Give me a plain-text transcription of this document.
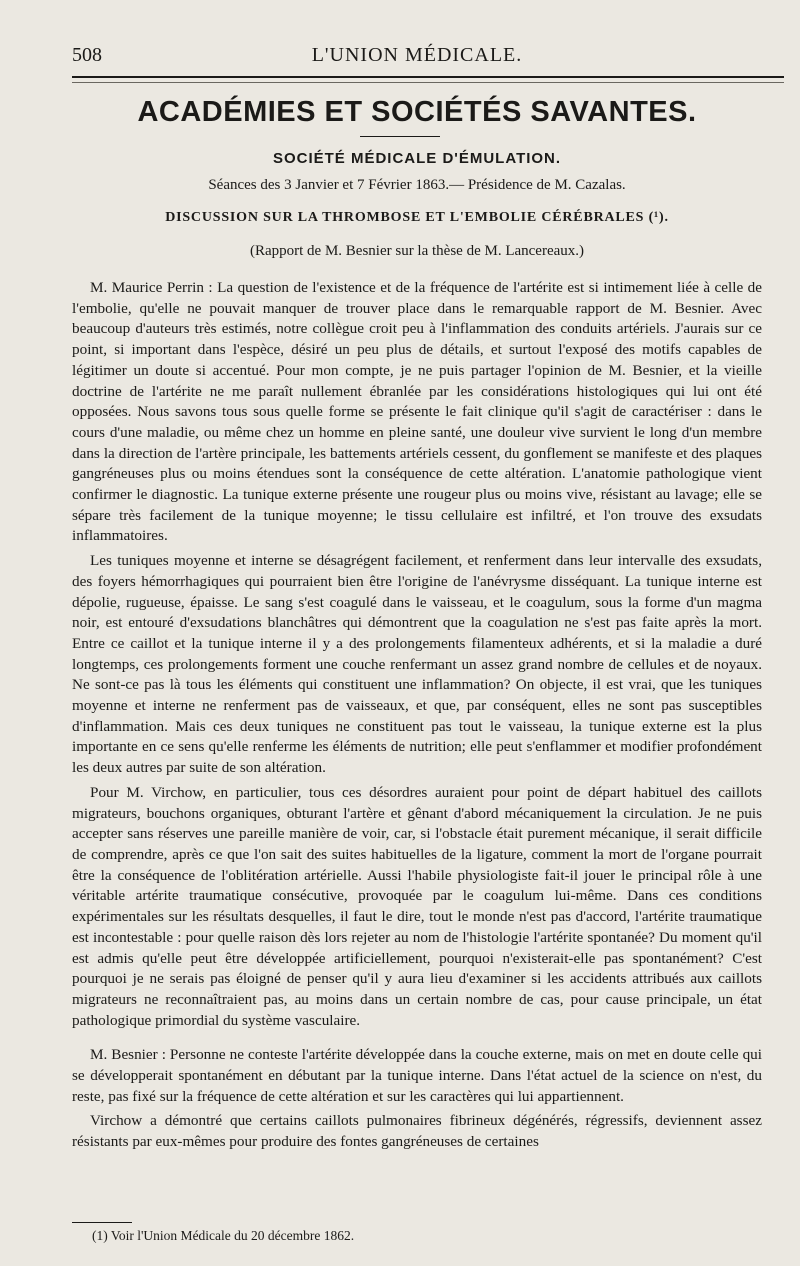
508	L'UNION MÉDICALE.
ACADÉMIES ET SOCIÉTÉS SAVANTES.
SOCIÉTÉ MÉDICALE D'ÉMULATION.
Séances des 3 Janvier et 7 Février 1863.— Présidence de M. Cazalas.
DISCUSSION SUR LA THROMBOSE ET L'EMBOLIE CÉRÉBRALES (¹).
(Rapport de M. Besnier sur la thèse de M. Lancereaux.)

M. Maurice Perrin : La question de l'existence et de la fréquence de l'artérite est si intimement liée à celle de l'embolie, qu'elle ne pouvait manquer de trouver place dans le remarquable rapport de M. Besnier. Avec beaucoup d'auteurs très estimés, notre collègue croit peu à l'inflammation des conduits artériels. J'aurais sur ce point, si important dans l'espèce, désiré un peu plus de détails, et surtout l'exposé des motifs capables de légitimer un doute si accentué. Pour mon compte, je ne puis partager l'opinion de M. Besnier, et la vieille doctrine de l'artérite ne me paraît nullement ébranlée par les considérations histologiques qui lui ont été opposées. Nous savons tous sous quelle forme se présente le fait clinique qu'il s'agit de caractériser : dans le cours d'une maladie, ou même chez un homme en pleine santé, une douleur vive survient le long d'un membre dans la direction de l'artère principale, les battements artériels cessent, du gonflement se manifeste et des plaques gangréneuses plus ou moins étendues sont la conséquence de cette altération. L'anatomie pathologique vient confirmer le diagnostic. La tunique externe présente une rougeur plus ou moins vive, résistant au lavage; elle se sépare très facilement de la tunique moyenne; le tissu cellulaire est infiltré, et l'on trouve des exsudats inflammatoires.

Les tuniques moyenne et interne se désagrégent facilement, et renferment dans leur intervalle des exsudats, des foyers hémorrhagiques qui pourraient bien être l'origine de l'anévrysme disséquant. La tunique interne est dépolie, rugueuse, épaisse. Le sang s'est coagulé dans le vaisseau, et le coagulum, sous la forme d'un magma noir, est entouré d'exsudations blanchâtres qui démontrent que la coagulation ne s'est pas faite après la mort. Entre ce caillot et la tunique interne il y a des prolongements filamenteux adhérents, et si la maladie a duré longtemps, ces prolongements forment une couche renfermant un assez grand nombre de cellules et de noyaux. Ne sont-ce pas là tous les éléments qui constituent une inflammation? On objecte, il est vrai, que les tuniques moyenne et interne ne renferment pas de vaisseaux, et que, par conséquent, elles ne sont pas susceptibles d'inflammation. Mais ces deux tuniques ne constituent pas tout le vaisseau, la tunique externe est la plus importante en ce sens qu'elle renferme les éléments de nutrition; elle peut s'enflammer et modifier profondément les deux autres par suite de son altération.

Pour M. Virchow, en particulier, tous ces désordres auraient pour point de départ habituel des caillots migrateurs, bouchons organiques, obturant l'artère et gênant d'abord mécaniquement la circulation. Je ne puis accepter sans réserves une pareille manière de voir, car, si l'obstacle était purement mécanique, il serait difficile de comprendre, après ce que l'on sait des suites habituelles de la ligature, comment la mort de l'organe pourrait être la conséquence de l'oblitération artérielle. Aussi l'habile physiologiste fait-il jouer le principal rôle à une véritable artérite traumatique consécutive, provoquée par le coagulum lui-même. Dans ces conditions expérimentales sur les résultats desquelles, il faut le dire, tout le monde n'est pas d'accord, l'artérite traumatique est incontestable : pour quelle raison dès lors rejeter au nom de l'histologie l'artérite spontanée? Du moment qu'il est admis qu'elle peut être développée artificiellement, pourquoi n'existerait-elle pas spontanément? C'est pourquoi je ne serais pas éloigné de penser qu'il y aura lieu d'examiner si les accidents attribués aux caillots migrateurs ne reconnaîtraient pas, au moins dans un certain nombre de cas, pour cause principale, un état pathologique primordial du système vasculaire.

M. Besnier : Personne ne conteste l'artérite développée dans la couche externe, mais on met en doute celle qui se développerait spontanément en débutant par la tunique interne. Dans l'état actuel de la science on n'est, du reste, pas fixé sur la fréquence de cette altération et sur les caractères qui lui appartiennent.

Virchow a démontré que certains caillots pulmonaires fibrineux dégénérés, régressifs, deviennent assez résistants par eux-mêmes pour produire des fontes gangréneuses de certaines

(1) Voir l'Union Médicale du 20 décembre 1862.
